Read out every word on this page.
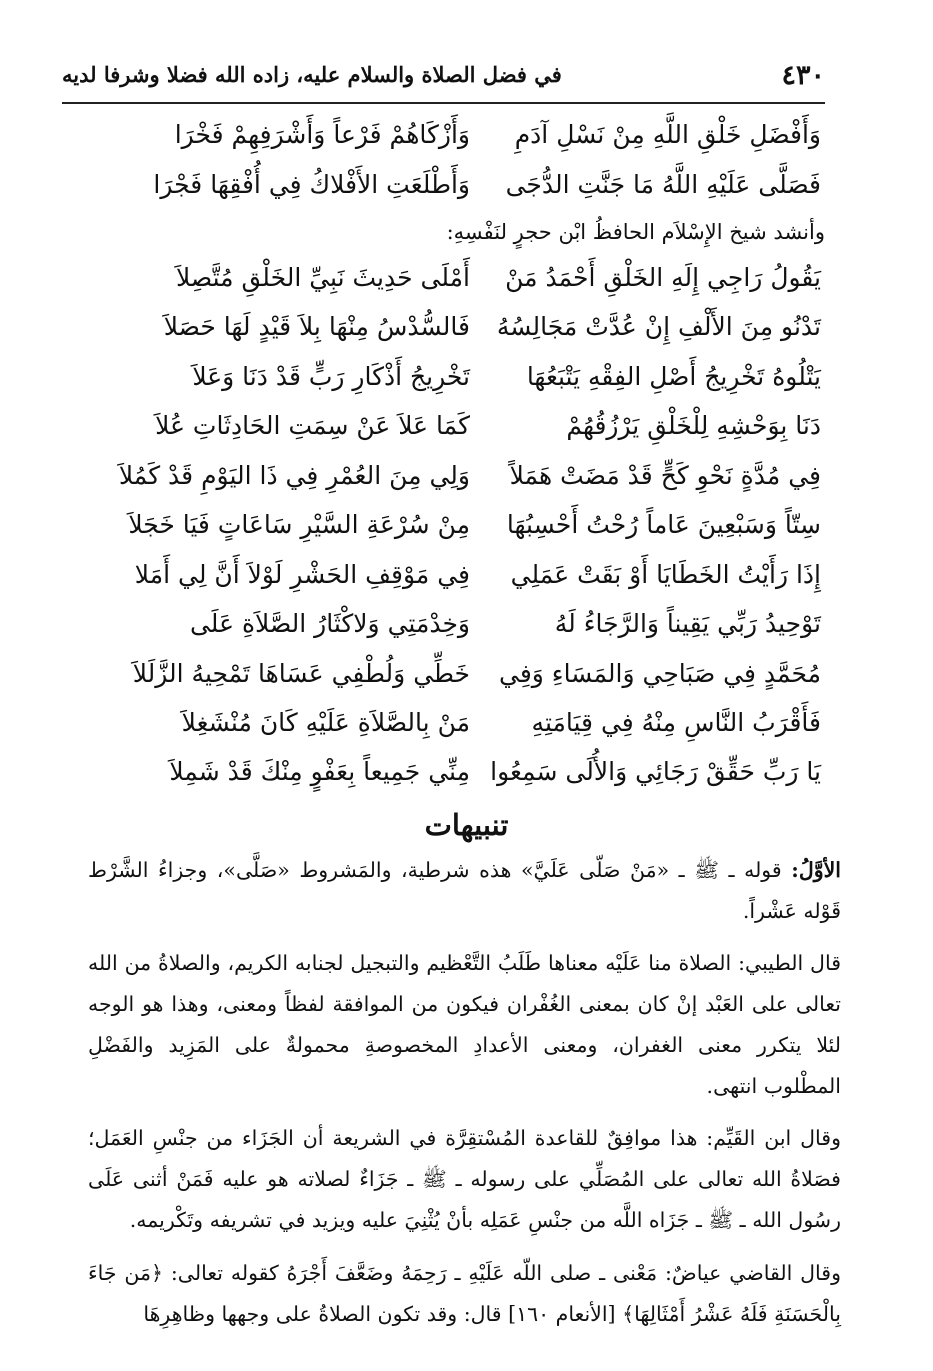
٤٣٠
في فضل الصلاة والسلام عليه، زاده الله فضلا وشرفا لديه
وَأَفْضَلِ خَلْقِ اللَّهِ مِنْ نَسْلِ آدَمِ
وَأَزْكَاهُمْ فَرْعاً وَأَشْرَفِهِمْ فَخْرَا
فَصَلَّى عَلَيْهِ اللَّهُ مَا جَنَّتِ الدُّجَى
وَأَطْلَعَتِ الأَفْلاكُ فِي أُفْقِهَا فَجْرَا
وأنشد شيخ الإِسْلاَم الحافظُ ابْن حجرٍ لنَفْسِهِ:
يَقُولُ رَاجِي إِلَهِ الخَلْقِ أَحْمَدُ مَنْ
أَمْلَى حَدِيثَ نَبِيِّ الخَلْقِ مُتَّصِلاَ
تَدْنُو مِنَ الأَلْفِ إِنْ عُدَّتْ مَجَالِسُهُ
فَالسُّدْسُ مِنْهَا بِلاَ قَيْدٍ لَهَا حَصَلاَ
يَتْلُوهُ تَخْرِيجُ أَصْلِ الفِقْهِ يَتْبَعُهَا
تَخْرِيجُ أَذْكَارِ رَبٍّ قَدْ دَنَا وَعَلاَ
دَنَا بِوَحْشِهِ لِلْخَلْقِ يَرْزُقُهُمْ
كَمَا عَلاَ عَنْ سِمَتِ الحَادِثَاتِ عُلاَ
فِي مُدَّةٍ نَحْوِ كَحٍّ قَدْ مَضَتْ هَمَلاً
وَلِي مِنَ العُمْرِ فِي ذَا اليَوْمِ قَدْ كَمُلاَ
سِتّاً وَسَبْعِينَ عَاماً رُحْتُ أَحْسِبُهَا
مِنْ سُرْعَةِ السَّيْرِ سَاعَاتٍ فَيَا خَجَلاَ
إِذَا رَأَيْتُ الخَطَايَا أَوْ بَقَتْ عَمَلِي
فِي مَوْقِفِ الحَشْرِ لَوْلاَ أَنَّ لِي أَمَلا
تَوْحِيدُ رَبِّي يَقِيناً وَالرَّجَاءُ لَهُ
وَخِدْمَتِي وَلاكْثَارُ الصَّلاَةِ عَلَى
مُحَمَّدٍ فِي صَبَاحِي وَالمَسَاءِ وَفِي
خَطِّي وَلُطْفِي عَسَاهَا تَمْحِيهُ الزَّلَلاَ
فَأَقْرَبُ النَّاسِ مِنْهُ فِي قِيَامَتِهِ
مَنْ بِالصَّلاَةِ عَلَيْهِ كَانَ مُنْشَغِلاَ
يَا رَبِّ حَقِّقْ رَجَائِي وَالأُلَى سَمِعُوا
مِنِّي جَمِيعاً بِعَفْوٍ مِنْكَ قَدْ شَمِلاَ
تنبيهات
الأوَّلُ: قوله ـ ﷺ ـ «مَنْ صَلّى عَلَيَّ» هذه شرطية، والمَشروط «صَلَّى»، وجزاءُ الشَّرْط قَوْله عَشْراً.
قال الطيبي: الصلاة منا عَلَيْه معناها طَلَبُ التَّعْظيم والتبجيل لجنابه الكريم، والصلاةُ من الله تعالى على العَبْد إنْ كان بمعنى الغُفْران فيكون من الموافقة لفظاً ومعنى، وهذا هو الوجه لئلا يتكرر معنى الغفران، ومعنى الأعدادِ المخصوصةِ محمولةٌ على المَزِيد والفَضْلِ المطْلوب انتهى.
وقال ابن القَيِّم: هذا موافِقٌ للقاعدة المُسْتقِرَّة في الشريعة أن الجَزَاء من جنْسِ العَمَل؛ فصَلاةُ الله تعالى على المُصَلِّي على رسوله ـ ﷺ ـ جَزَاءٌ لصلاته هو عليه فَمَنْ أثنى عَلَى رسُول الله ـ ﷺ ـ جَزَاه اللَّه من جنْسِ عَمَلِه بأنْ يُثْنِيَ عليه ويزيد في تشريفه وتَكْريمه.
وقال القاضي عياضٌ: مَعْنى ـ صلى اللّه عَلَيْهِ ـ رَحِمَهُ وضَعَّفَ أَجْرَهُ كقوله تعالى: ﴿مَن جَاءَ بِالْحَسَنَةِ فَلَهُ عَشْرُ أَمْثَالِهَا﴾ [الأنعام ١٦٠] قال: وقد تكون الصلاةُ على وجهها وظاهِرِهَا
